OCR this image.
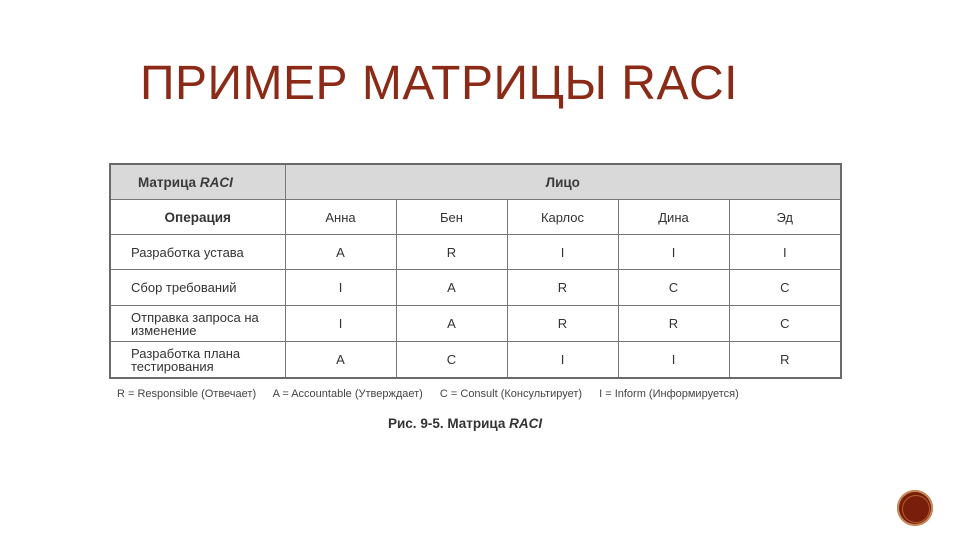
ПРИМЕР МАТРИЦЫ RACI
Матрица RACI	Лицо				
Операция	Анна	Бен	Карлос	Дина	Эд
Разработка устава	A	R	I	I	I

Сбор требований	I	A	R	C	C

Отправка запроса на изменение	I	A	R	R	C

Разработка плана тестирования	A	C	I	I	R
R = Responsible (Отвечает) A = Accountable (Утверждает) C = Consult (Консультирует) I = Inform (Информируется)
Рис. 9-5. Матрица RACI
